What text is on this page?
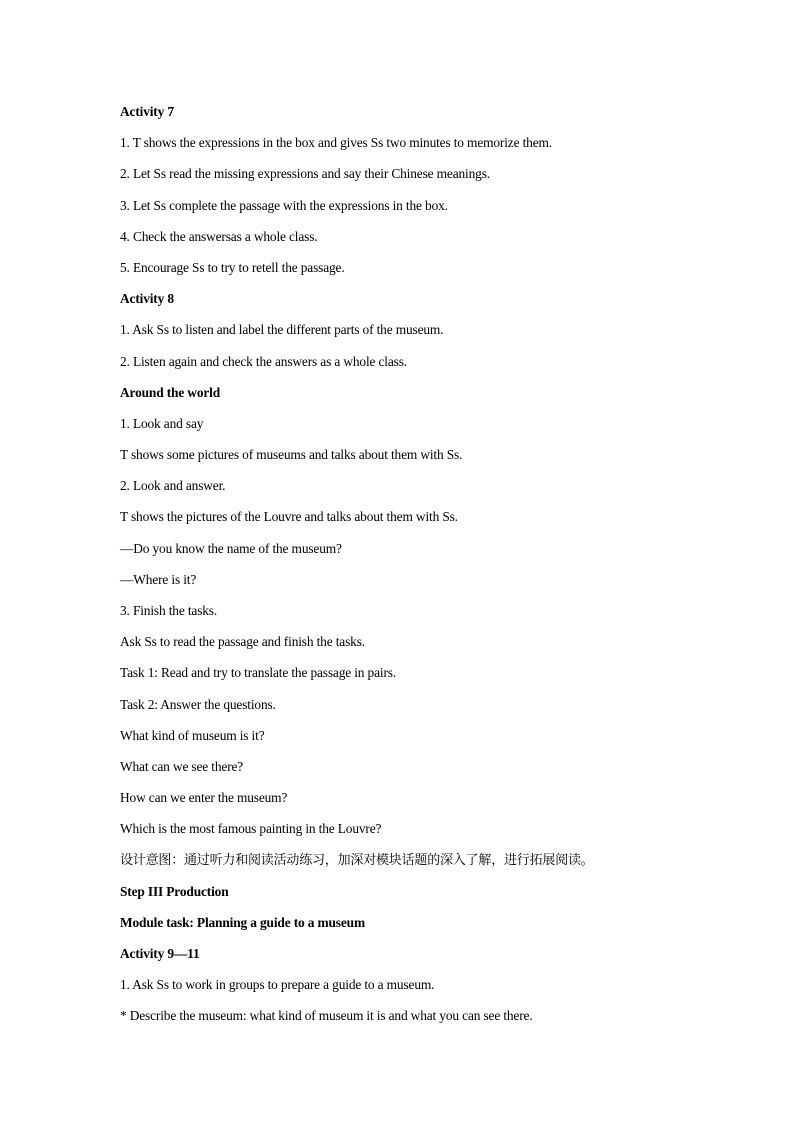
Activity 7
1. T shows the expressions in the box and gives Ss two minutes to memorize them.
2. Let Ss read the missing expressions and say their Chinese meanings.
3. Let Ss complete the passage with the expressions in the box.
4. Check the answersas a whole class.
5. Encourage Ss to try to retell the passage.
Activity 8
1. Ask Ss to listen and label the different parts of the museum.
2. Listen again and check the answers as a whole class.
Around the world
1. Look and say
T shows some pictures of museums and talks about them with Ss.
2. Look and answer.
T shows the pictures of the Louvre and talks about them with Ss.
—Do you know the name of the museum?
—Where is it?
3. Finish the tasks.
Ask Ss to read the passage and finish the tasks.
Task 1: Read and try to translate the passage in pairs.
Task 2: Answer the questions.
What kind of museum is it?
What can we see there?
How can we enter the museum?
Which is the most famous painting in the Louvre?
设计意图：通过听力和阅读活动练习，加深对模块话题的深入了解，进行拓展阅读。
Step III Production
Module task: Planning a guide to a museum
Activity 9—11
1. Ask Ss to work in groups to prepare a guide to a museum.
* Describe the museum: what kind of museum it is and what you can see there.
